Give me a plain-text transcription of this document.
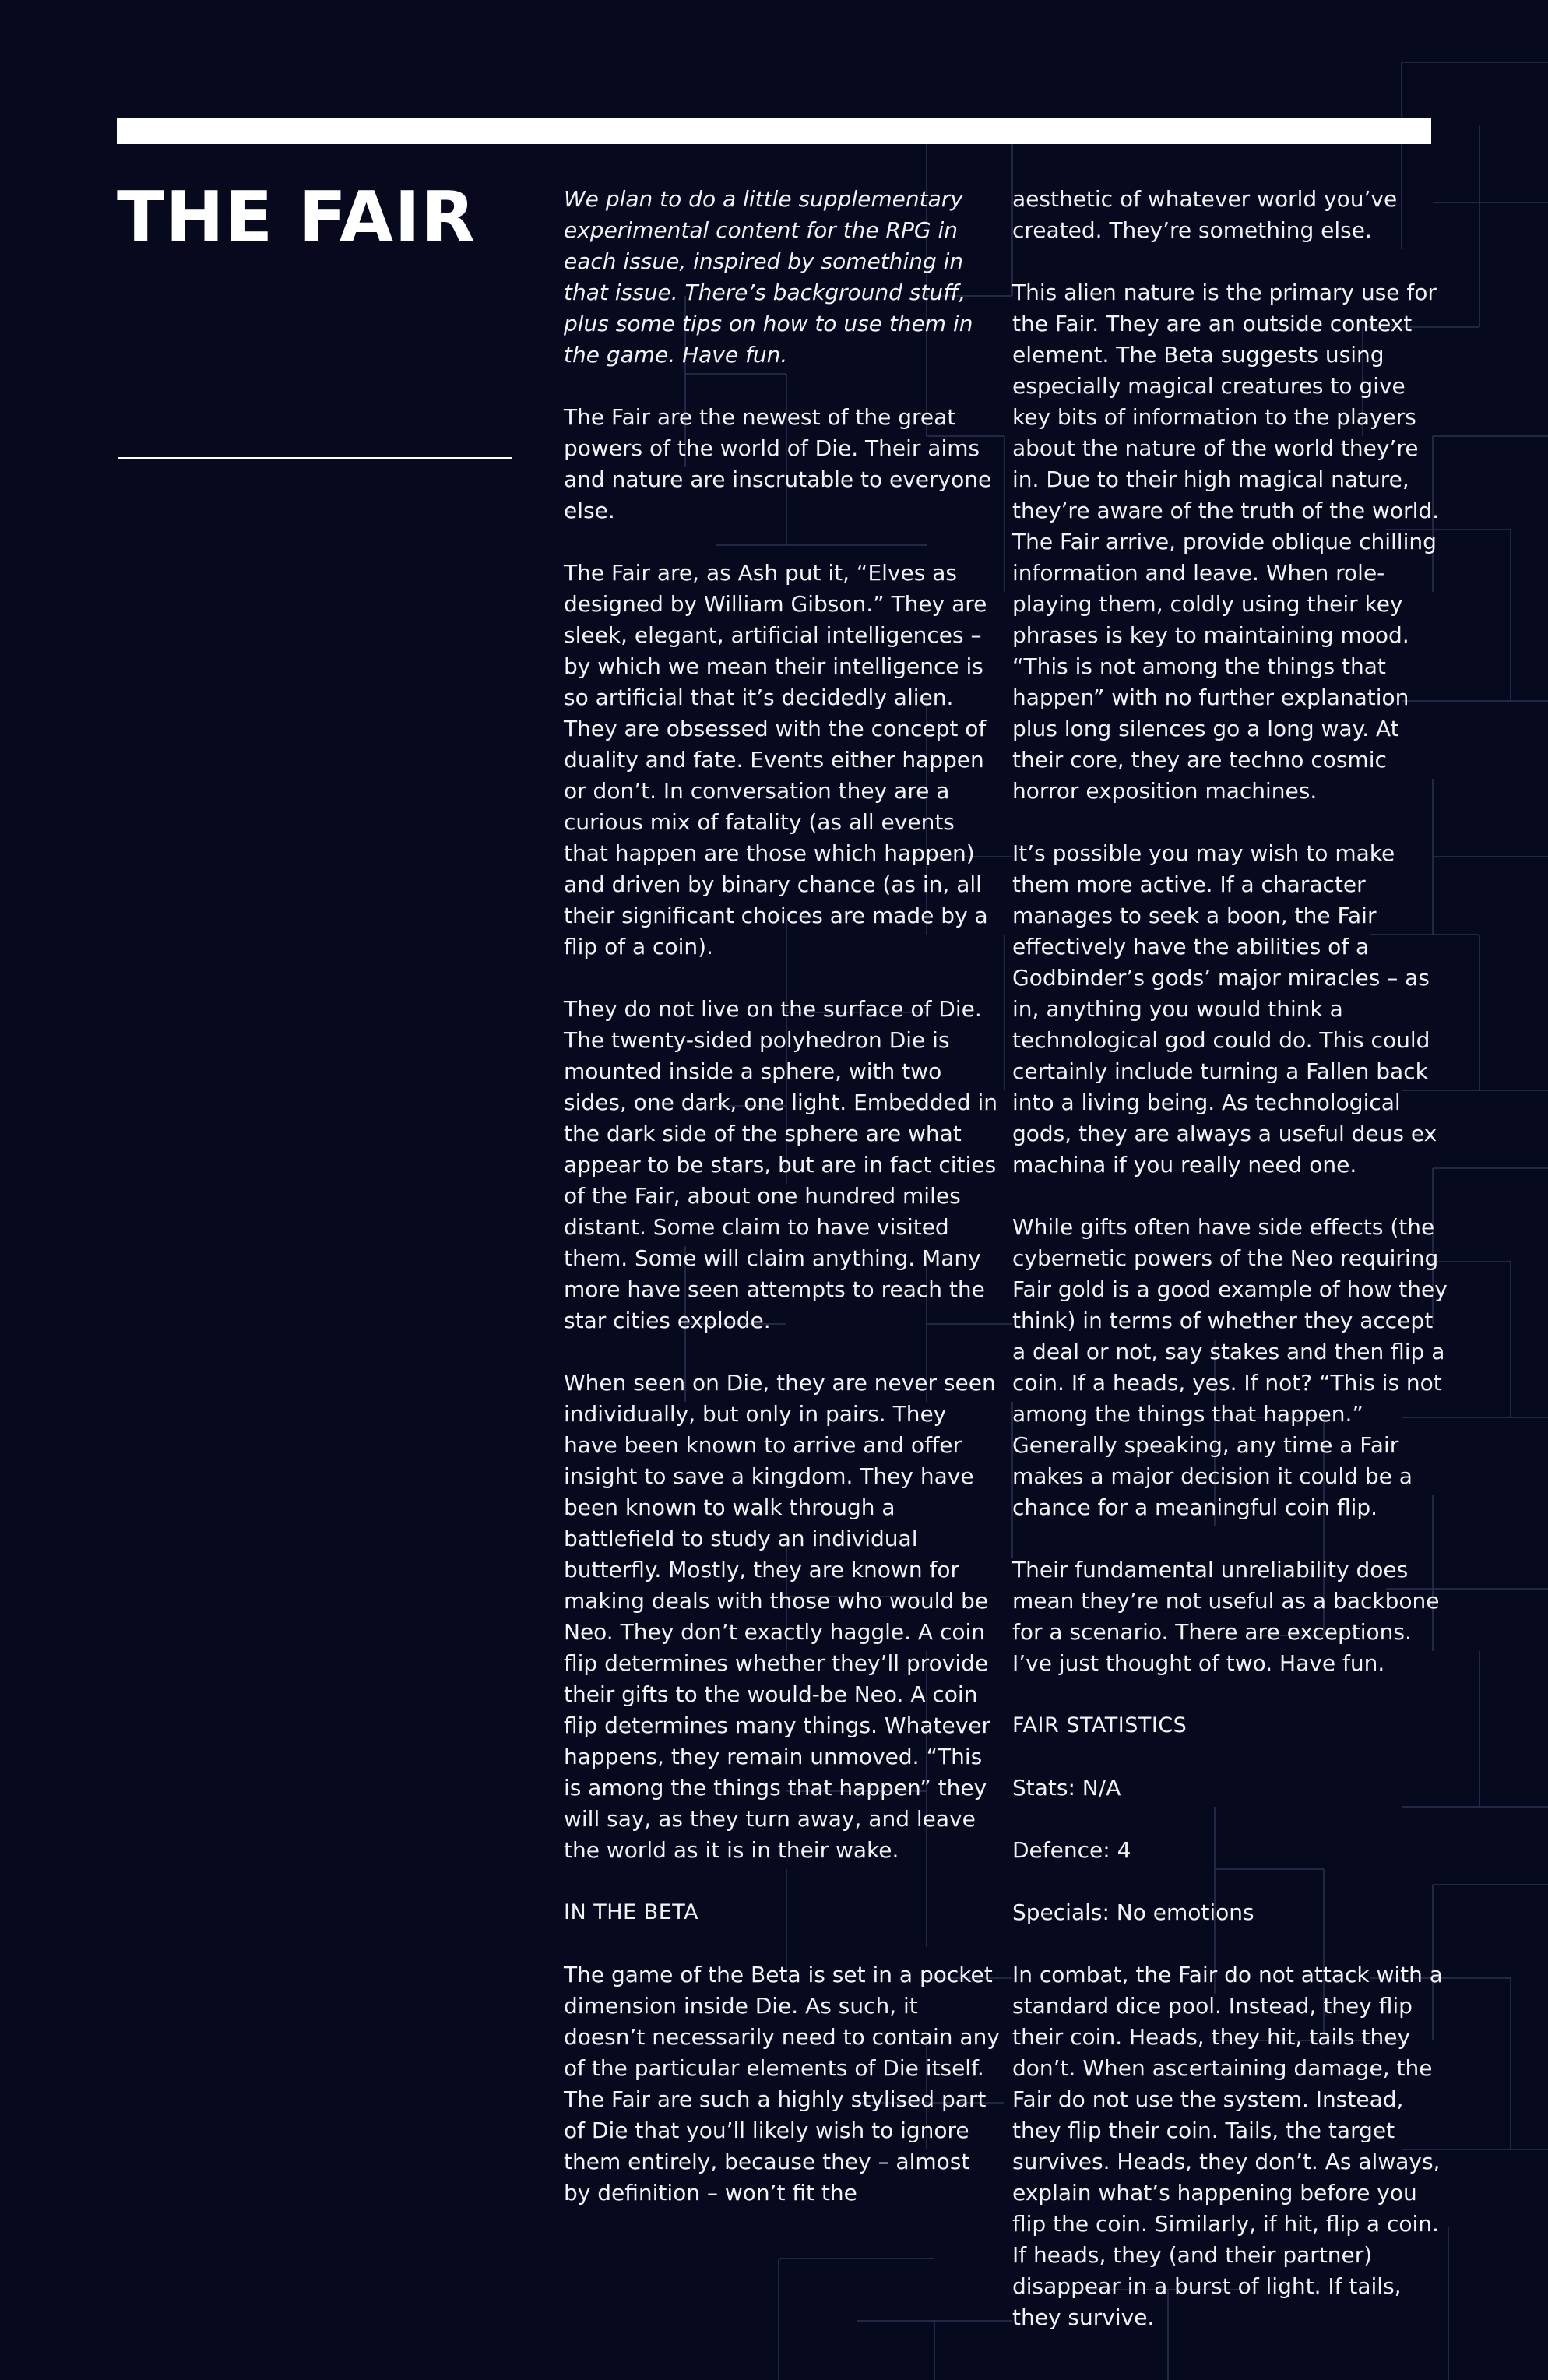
THE FAIR	We plan to do a little supplementary experimental content for the RPG in each issue, inspired by something in that issue. There’s background stuff, plus some tips on how to use them in the game. Have fun.

The Fair are the newest of the great powers of the world of Die. Their aims and nature are inscrutable to everyone else.

The Fair are, as Ash put it, “Elves as designed by William Gibson.” They are sleek, elegant, artificial intelligences – by which we mean their intelligence is so artificial that it’s decidedly alien. They are obsessed with the concept of duality and fate. Events either happen or don’t. In conversation they are a curious mix of fatality (as all events that happen are those which happen) and driven by binary chance (as in, all their significant choices are made by a flip of a coin).

They do not live on the surface of Die. The twenty-sided polyhedron Die is mounted inside a sphere, with two sides, one dark, one light. Embedded in the dark side of the sphere are what appear to be stars, but are in fact cities of the Fair, about one hundred miles distant. Some claim to have visited them. Some will claim anything. Many more have seen attempts to reach the star cities explode.

When seen on Die, they are never seen individually, but only in pairs. They have been known to arrive and offer insight to save a kingdom. They have been known to walk through a battlefield to study an individual butterfly. Mostly, they are known for making deals with those who would be Neo. They don’t exactly haggle. A coin flip determines whether they’ll provide their gifts to the would-be Neo. A coin flip determines many things. Whatever happens, they remain unmoved. “This is among the things that happen” they will say, as they turn away, and leave the world as it is in their wake.

IN THE BETA

The game of the Beta is set in a pocket dimension inside Die. As such, it doesn’t necessarily need to contain any of the particular elements of Die itself. The Fair are such a highly stylised part of Die that you’ll likely wish to ignore them entirely, because they – almost by definition – won’t fit the

aesthetic of whatever world you’ve created. They’re something else.

This alien nature is the primary use for the Fair. They are an outside context element. The Beta suggests using especially magical creatures to give key bits of information to the players about the nature of the world they’re in. Due to their high magical nature, they’re aware of the truth of the world. The Fair arrive, provide oblique chilling information and leave. When role-playing them, coldly using their key phrases is key to maintaining mood. “This is not among the things that happen” with no further explanation plus long silences go a long way. At their core, they are techno cosmic horror exposition machines.

It’s possible you may wish to make them more active. If a character manages to seek a boon, the Fair effectively have the abilities of a Godbinder’s gods’ major miracles – as in, anything you would think a technological god could do. This could certainly include turning a Fallen back into a living being. As technological gods, they are always a useful deus ex machina if you really need one.

While gifts often have side effects (the cybernetic powers of the Neo requiring Fair gold is a good example of how they think) in terms of whether they accept a deal or not, say stakes and then flip a coin. If a heads, yes. If not? “This is not among the things that happen.” Generally speaking, any time a Fair makes a major decision it could be a chance for a meaningful coin flip.

Their fundamental unreliability does mean they’re not useful as a backbone for a scenario. There are exceptions. I’ve just thought of two. Have fun.

FAIR STATISTICS

Stats: N/A

Defence: 4

Specials: No emotions

In combat, the Fair do not attack with a standard dice pool. Instead, they flip their coin. Heads, they hit, tails they don’t. When ascertaining damage, the Fair do not use the system. Instead, they flip their coin. Tails, the target survives. Heads, they don’t. As always, explain what’s happening before you flip the coin. Similarly, if hit, flip a coin. If heads, they (and their partner) disappear in a burst of light. If tails, they survive.
